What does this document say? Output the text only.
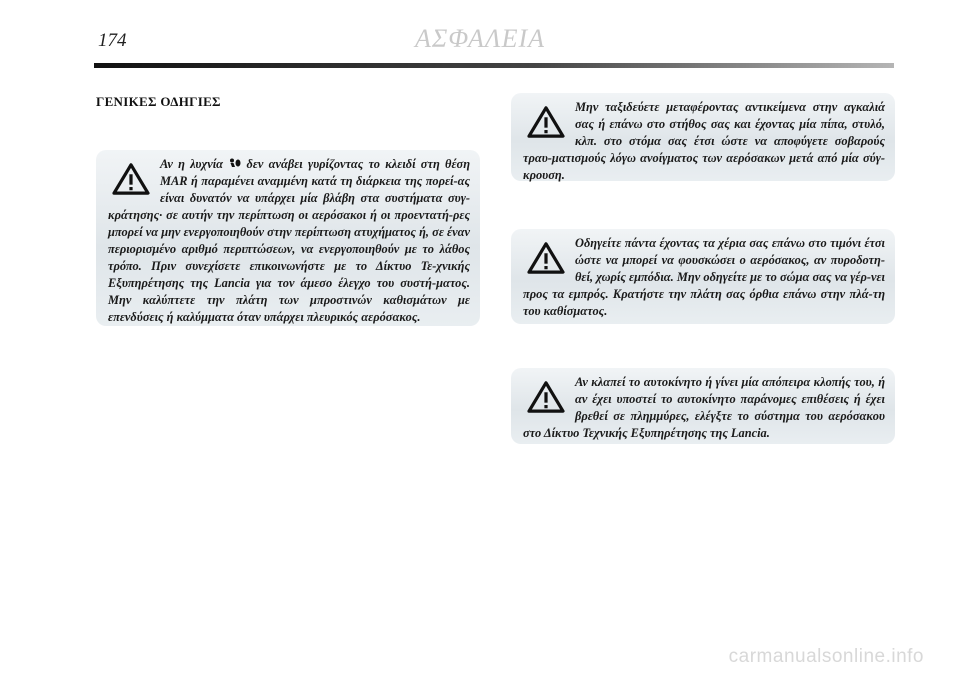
174	ΑΣΦΑΛΕΙΑ
ΓΕΝΙΚΕΣ ΟΔΗΓΙΕΣ

Αν η λυχνία  δεν ανάβει γυρίζοντας το κλειδί στη θέση MAR ή παραμένει αναμμένη κατά τη διάρκεια της πορεί-ας είναι δυνατόν να υπάρχει μία βλάβη στα συστήματα συγ-κράτησης· σε αυτήν την περίπτωση οι αερόσακοι ή οι προεντατή-ρες μπορεί να μην ενεργοποιηθούν στην περίπτωση ατυχήματος ή, σε έναν περιορισμένο αριθμό περιπτώσεων, να ενεργοποιηθούν με το λάθος τρόπο. Πριν συνεχίσετε επικοινωνήστε με το Δίκτυο Τε-χνικής Εξυπηρέτησης της Lancia για τον άμεσο έλεγχο του συστή-ματος. Μην καλύπτετε την πλάτη των μπροστινών καθισμάτων με επενδύσεις ή καλύμματα όταν υπάρχει πλευρικός αερόσακος.

Μην ταξιδεύετε μεταφέροντας αντικείμενα στην αγκαλιά σας ή επάνω στο στήθος σας και έχοντας μία πίπα, στυλό, κλπ. στο στόμα σας έτσι ώστε να αποφύγετε σοβαρούς τραυ-ματισμούς λόγω ανοίγματος των αερόσακων μετά από μία σύγ-κρουση.

Οδηγείτε πάντα έχοντας τα χέρια σας επάνω στο τιμόνι έτσι ώστε να μπορεί να φουσκώσει ο αερόσακος, αν πυροδοτη-θεί, χωρίς εμπόδια. Μην οδηγείτε με το σώμα σας να γέρ-νει προς τα εμπρός. Κρατήστε την πλάτη σας όρθια επάνω στην πλά-τη του καθίσματος.

Αν κλαπεί το αυτοκίνητο ή γίνει μία απόπειρα κλοπής του, ή αν έχει υποστεί το αυτοκίνητο παράνομες επιθέσεις ή έχει βρεθεί σε πλημμύρες, ελέγξτε το σύστημα του αερόσακου στο Δίκτυο Τεχνικής Εξυπηρέτησης της Lancia.

carmanualsonline.info
